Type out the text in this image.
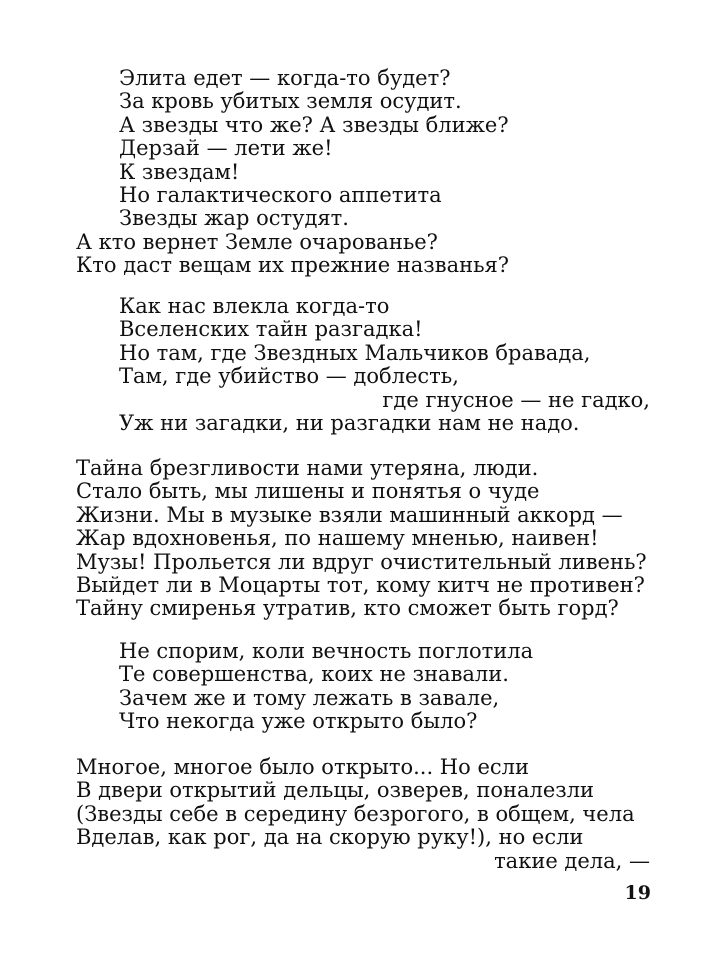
Элита едет — когда-то будет?
За кровь убитых земля осудит.
А звезды что же? А звезды ближе?
Дерзай — лети же!
К звездам!
Но галактического аппетита
Звезды жар остудят.
А кто вернет Земле очарованье?
Кто даст вещам их прежние названья?
Как нас влекла когда-то
Вселенских тайн разгадка!
Но там, где Звездных Мальчиков бравада,
Там, где убийство — доблесть,
где гнусное — не гадко,
Уж ни загадки, ни разгадки нам не надо.
Тайна брезгливости нами утеряна, люди.
Стало быть, мы лишены и понятья о чуде
Жизни. Мы в музыке взяли машинный аккорд —
Жар вдохновенья, по нашему мненью, наивен!
Музы! Прольется ли вдруг очистительный ливень?
Выйдет ли в Моцарты тот, кому китч не противен?
Тайну смиренья утратив, кто сможет быть горд?
Не спорим, коли вечность поглотила
Те совершенства, коих не знавали.
Зачем же и тому лежать в завале,
Что некогда уже открыто было?
Многое, многое было открыто... Но если
В двери открытий дельцы, озверев, поналезли
(Звезды себе в середину безрогого, в общем, чела
Вделав, как рог, да на скорую руку!), но если
такие дела, —
19
